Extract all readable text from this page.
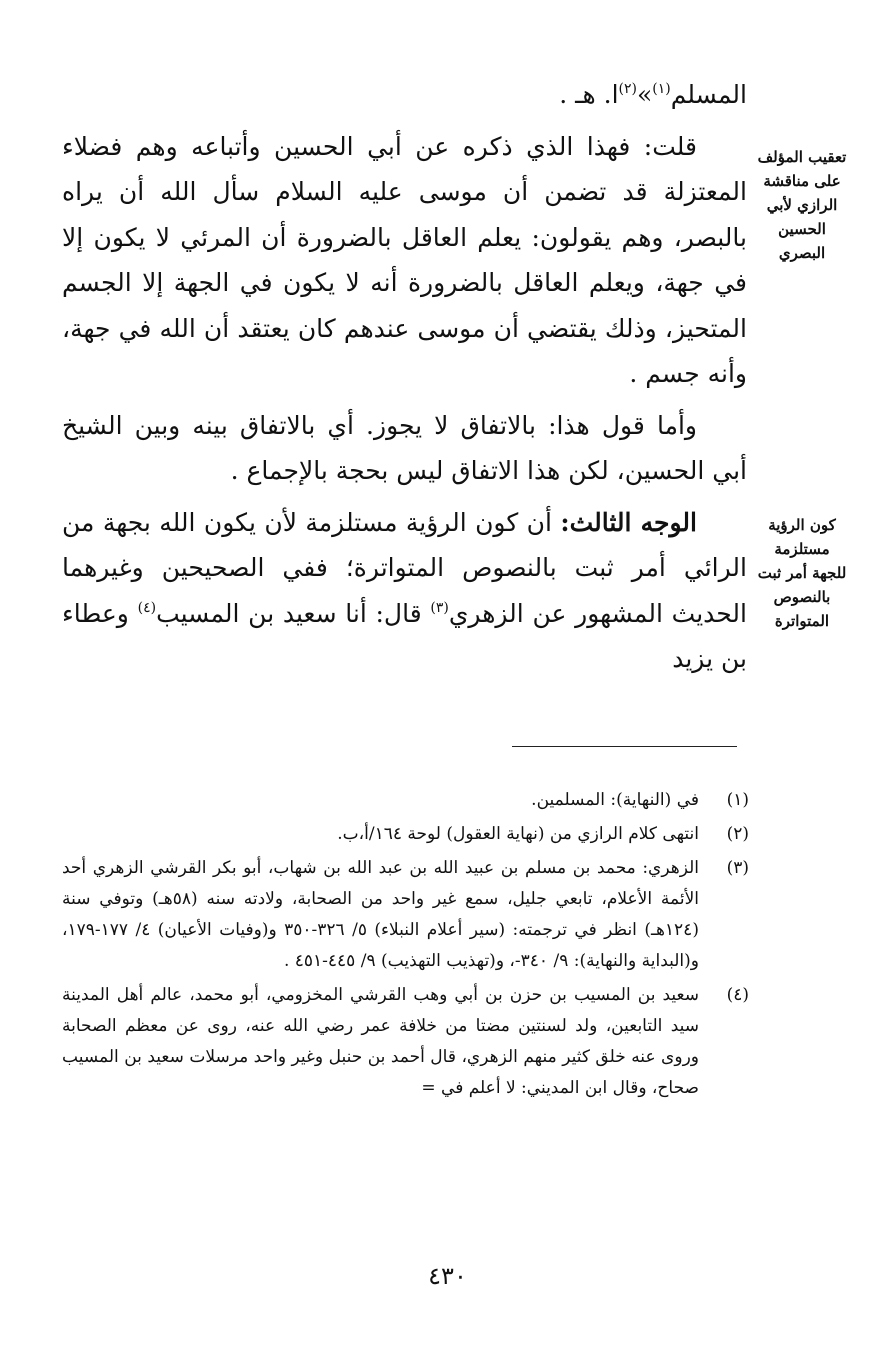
المسلم$^{(١)}$»$^{(٢)}$ا. هـ .

قلت: فهذا الذي ذكره عن أبي الحسين وأتباعه وهم فضلاء المعتزلة قد تضمن أن موسى عليه السلام سأل الله أن يراه بالبصر، وهم يقولون: يعلم العاقل بالضرورة أن المرئي لا يكون إلا في جهة، ويعلم العاقل بالضرورة أنه لا يكون في الجهة إلا الجسم المتحيز، وذلك يقتضي أن موسى عندهم كان يعتقد أن الله في جهة، وأنه جسم .

وأما قول هذا: بالاتفاق لا يجوز. أي بالاتفاق بينه وبين الشيخ أبي الحسين، لكن هذا الاتفاق ليس بحجة بالإجماع .

الوجه الثالث: أن كون الرؤية مستلزمة لأن يكون الله بجهة من الرائي أمر ثبت بالنصوص المتواترة؛ ففي الصحيحين وغيرهما الحديث المشهور عن الزهري$^{(٣)}$ قال: أنا سعيد بن المسيب$^{(٤)}$ وعطاء بن يزيد

تعقيب المؤلف على مناقشة الرازي لأبي الحسين البصري
كون الرؤية مستلزمة للجهة أمر ثبت بالنصوص المتواترة
(١)
في (النهاية): المسلمين.
(٢)
انتهى كلام الرازي من (نهاية العقول) لوحة ١٦٤/أ،ب.
(٣)
الزهري: محمد بن مسلم بن عبيد الله بن عبد الله بن شهاب، أبو بكر القرشي الزهري أحد الأئمة الأعلام، تابعي جليل، سمع غير واحد من الصحابة، ولادته سنه (٥٨هـ) وتوفي سنة (١٢٤هـ) انظر في ترجمته: (سير أعلام النبلاء) ٥/ ٣٢٦-٣٥٠ و(وفيات الأعيان) ٤/ ١٧٧-١٧٩، و(البداية والنهاية): ٩/ ٣٤٠-، و(تهذيب التهذيب) ٩/ ٤٤٥-٤٥١ .
(٤)
سعيد بن المسيب بن حزن بن أبي وهب القرشي المخزومي، أبو محمد، عالم أهل المدينة سيد التابعين، ولد لسنتين مضتا من خلافة عمر رضي الله عنه، روى عن معظم الصحابة وروى عنه خلق كثير منهم الزهري، قال أحمد بن حنبل وغير واحد مرسلات سعيد بن المسيب صحاح، وقال ابن المديني: لا أعلم في =
٤٣٠
